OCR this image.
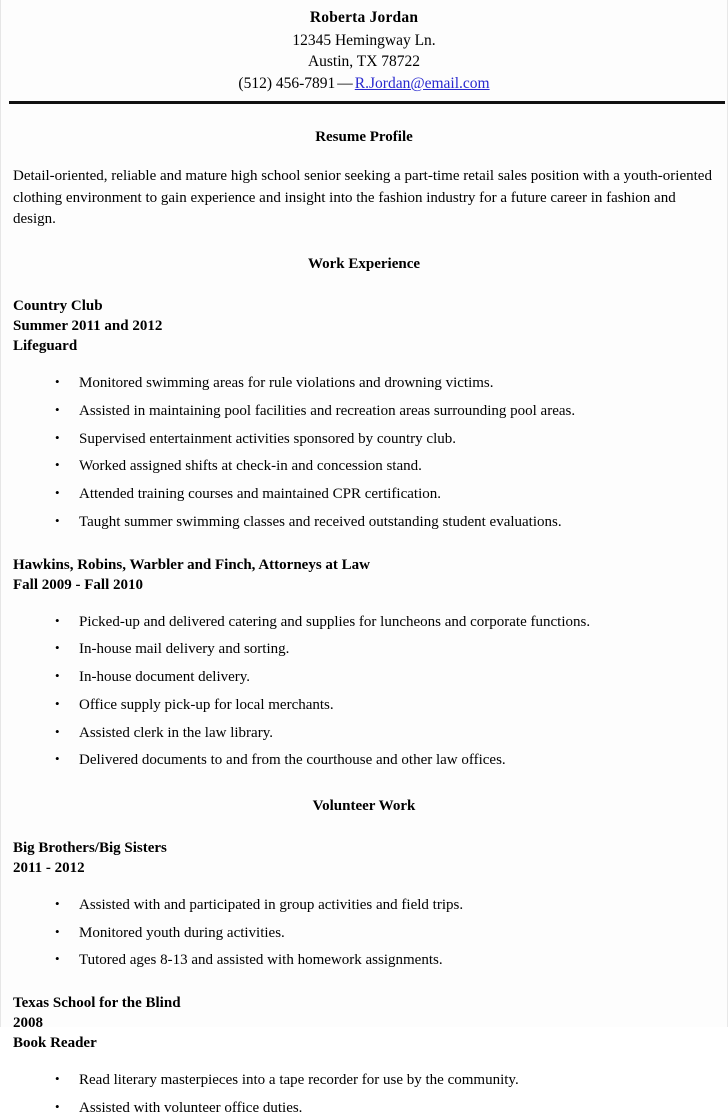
Roberta Jordan
12345 Hemingway Ln.
Austin, TX 78722
(512) 456-7891 — R.Jordan@email.com
Resume Profile

Detail-oriented, reliable and mature high school senior seeking a part-time retail sales position with a youth-oriented clothing environment to gain experience and insight into the fashion industry for a future career in fashion and design.

Work Experience
Country Club
Summer 2011 and 2012
Lifeguard
• Monitored swimming areas for rule violations and drowning victims.
• Assisted in maintaining pool facilities and recreation areas surrounding pool areas.
• Supervised entertainment activities sponsored by country club.
• Worked assigned shifts at check-in and concession stand.
• Attended training courses and maintained CPR certification.
• Taught summer swimming classes and received outstanding student evaluations.
Hawkins, Robins, Warbler and Finch, Attorneys at Law
Fall 2009 - Fall 2010
• Picked-up and delivered catering and supplies for luncheons and corporate functions.
• In-house mail delivery and sorting.
• In-house document delivery.
• Office supply pick-up for local merchants.
• Assisted clerk in the law library.
• Delivered documents to and from the courthouse and other law offices.
Volunteer Work
Big Brothers/Big Sisters
2011 - 2012
• Assisted with and participated in group activities and field trips.
• Monitored youth during activities.
• Tutored ages 8-13 and assisted with homework assignments.
Texas School for the Blind
2008
Book Reader
• Read literary masterpieces into a tape recorder for use by the community.
• Assisted with volunteer office duties.
